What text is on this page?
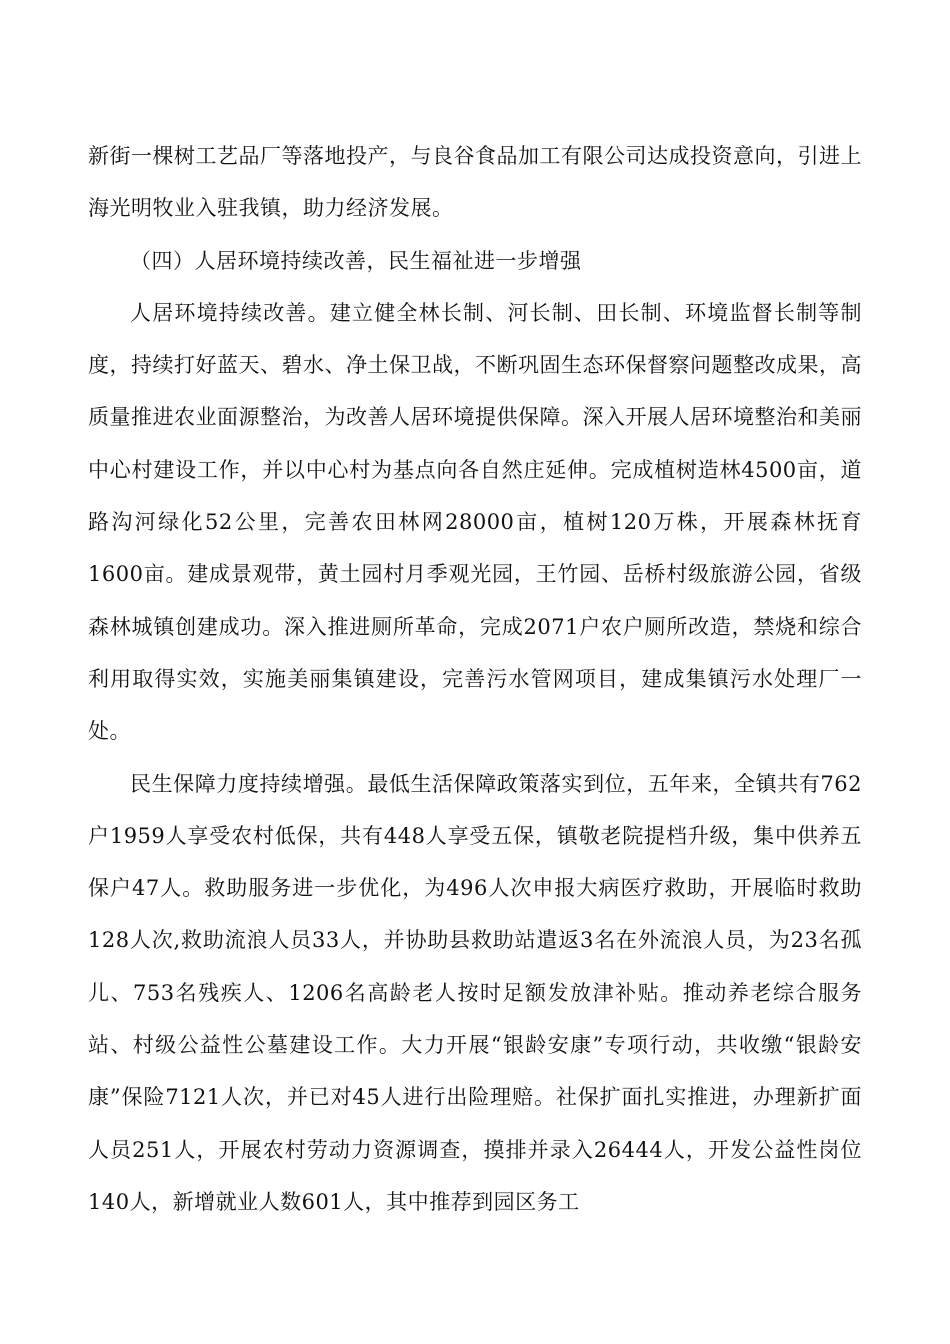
新街一棵树工艺品厂等落地投产，与良谷食品加工有限公司达成投资意向，引进上海光明牧业入驻我镇，助力经济发展。

（四）人居环境持续改善，民生福祉进一步增强

人居环境持续改善。建立健全林长制、河长制、田长制、环境监督长制等制度，持续打好蓝天、碧水、净土保卫战，不断巩固生态环保督察问题整改成果，高质量推进农业面源整治，为改善人居环境提供保障。深入开展人居环境整治和美丽中心村建设工作，并以中心村为基点向各自然庄延伸。完成植树造林4500亩，道路沟河绿化52公里，完善农田林网28000亩，植树120万株，开展森林抚育1600亩。建成景观带，黄土园村月季观光园，王竹园、岳桥村级旅游公园，省级森林城镇创建成功。深入推进厕所革命，完成2071户农户厕所改造，禁烧和综合利用取得实效，实施美丽集镇建设，完善污水管网项目，建成集镇污水处理厂一处。

民生保障力度持续增强。最低生活保障政策落实到位，五年来，全镇共有762户1959人享受农村低保，共有448人享受五保，镇敬老院提档升级，集中供养五保户47人。救助服务进一步优化，为496人次申报大病医疗救助，开展临时救助128人次,救助流浪人员33人，并协助县救助站遣返3名在外流浪人员，为23名孤儿、753名残疾人、1206名高龄老人按时足额发放津补贴。推动养老综合服务站、村级公益性公墓建设工作。大力开展“银龄安康”专项行动，共收缴“银龄安康”保险7121人次，并已对45人进行出险理赔。社保扩面扎实推进，办理新扩面人员251人，开展农村劳动力资源调查，摸排并录入26444人，开发公益性岗位140人，新增就业人数601人，其中推荐到园区务工
